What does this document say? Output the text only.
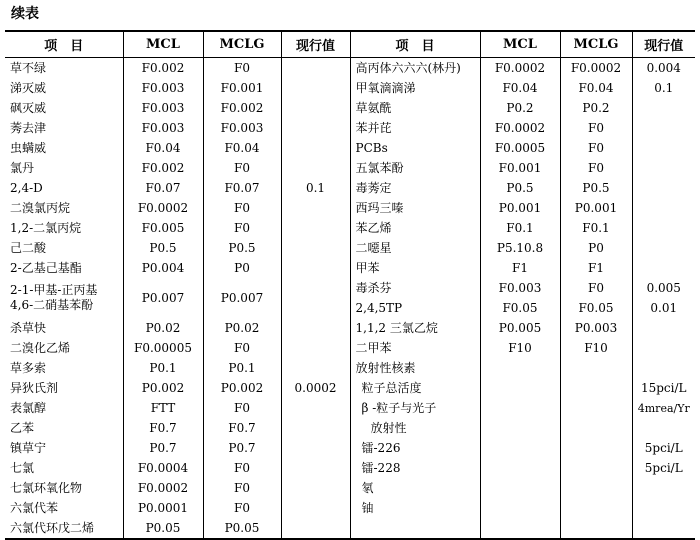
续表
项　目	MCL	MCLG	现行值	项　目	MCL	MCLG	现行值
草不绿	F0.002	F0		高丙体六六六(林丹)	F0.0002	F0.0002	0.004
涕灭威	F0.003	F0.001		甲氧滴滴涕	F0.04	F0.04	0.1
砜灭威	F0.003	F0.002		草氨酰	P0.2	P0.2	
莠去津	F0.003	F0.003		苯并芘	F0.0002	F0	
虫螨威	F0.04	F0.04		PCBs	F0.0005	F0	
氯丹	F0.002	F0		五氯苯酚	F0.001	F0	
2,4-D	F0.07	F0.07	0.1	毒莠定	P0.5	P0.5	
二溴氯丙烷	F0.0002	F0		西玛三嗪	P0.001	P0.001	
1,2-二氯丙烷	F0.005	F0		苯乙烯	F0.1	F0.1	
己二酸	P0.5	P0.5		二噁星	P5.10.8	P0	
2-乙基己基酯	P0.004	P0		甲苯	F1	F1	
2-1-甲基-正丙基
4,6-二硝基苯酚	P0.007	P0.007		毒杀芬	F0.003	F0	0.005
				2,4,5TP	F0.05	F0.05	0.01
杀草快	P0.02	P0.02		1,1,2 三氯乙烷	P0.005	P0.003	
二溴化乙烯	F0.00005	F0		二甲苯	F10	F10	
草多索	P0.1	P0.1		放射性核素			
异狄氏剂	P0.002	P0.002	0.0002	粒子总活度			15pci/L
表氯醇	FTT	F0		β -粒子与光子			4mrea/Yr
乙苯	F0.7	F0.7		放射性			
镇草宁	P0.7	P0.7		镭-226			5pci/L
七氯	F0.0004	F0		镭-228			5pci/L
七氯环氧化物	F0.0002	F0		氡			
六氯代苯	P0.0001	F0		铀			
六氯代环戊二烯	P0.05	P0.05					
